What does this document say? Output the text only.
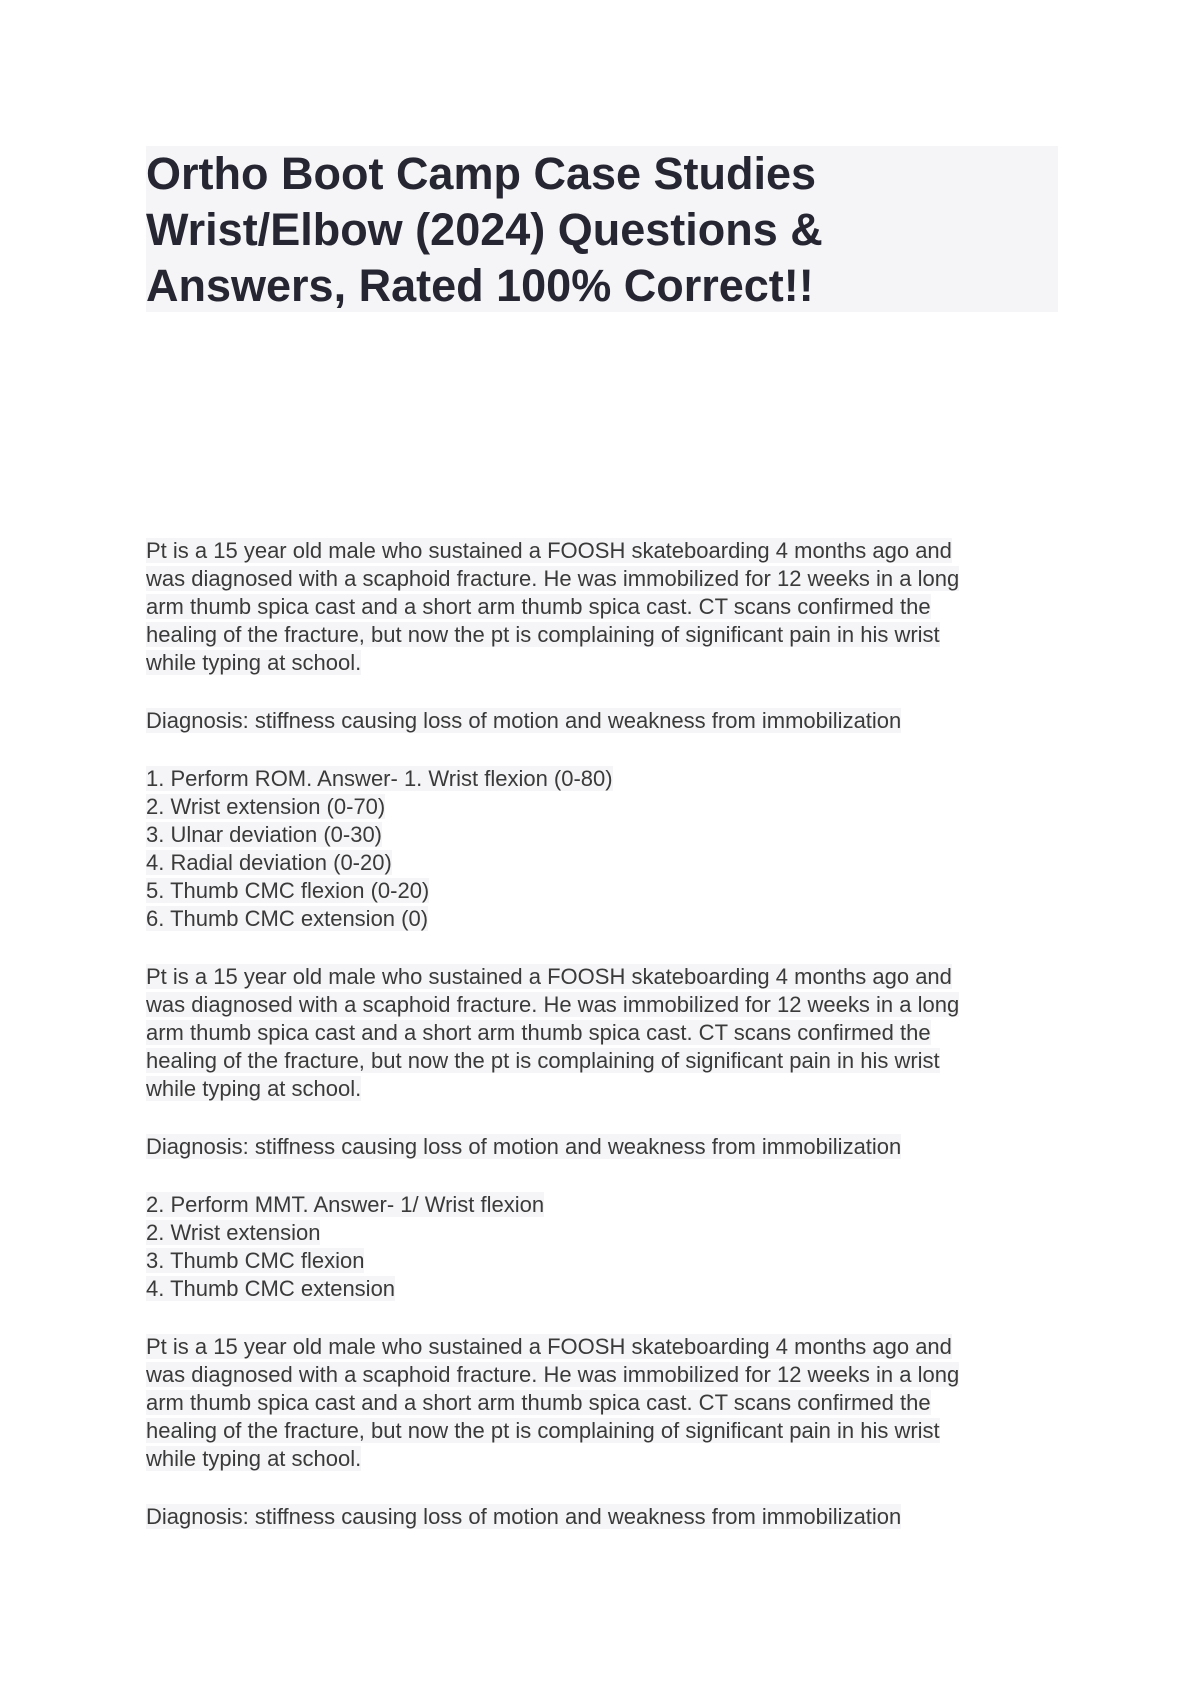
Ortho Boot Camp Case Studies
Wrist/Elbow (2024) Questions &
Answers, Rated 100% Correct!!
Pt is a 15 year old male who sustained a FOOSH skateboarding 4 months ago and
was diagnosed with a scaphoid fracture. He was immobilized for 12 weeks in a long
arm thumb spica cast and a short arm thumb spica cast. CT scans confirmed the
healing of the fracture, but now the pt is complaining of significant pain in his wrist
while typing at school.
Diagnosis: stiffness causing loss of motion and weakness from immobilization
1. Perform ROM. Answer- 1. Wrist flexion (0-80)
2. Wrist extension (0-70)
3. Ulnar deviation (0-30)
4. Radial deviation (0-20)
5. Thumb CMC flexion (0-20)
6. Thumb CMC extension (0)
Pt is a 15 year old male who sustained a FOOSH skateboarding 4 months ago and
was diagnosed with a scaphoid fracture. He was immobilized for 12 weeks in a long
arm thumb spica cast and a short arm thumb spica cast. CT scans confirmed the
healing of the fracture, but now the pt is complaining of significant pain in his wrist
while typing at school.
Diagnosis: stiffness causing loss of motion and weakness from immobilization
2. Perform MMT. Answer- 1/ Wrist flexion
2. Wrist extension
3. Thumb CMC flexion
4. Thumb CMC extension
Pt is a 15 year old male who sustained a FOOSH skateboarding 4 months ago and
was diagnosed with a scaphoid fracture. He was immobilized for 12 weeks in a long
arm thumb spica cast and a short arm thumb spica cast. CT scans confirmed the
healing of the fracture, but now the pt is complaining of significant pain in his wrist
while typing at school.
Diagnosis: stiffness causing loss of motion and weakness from immobilization
